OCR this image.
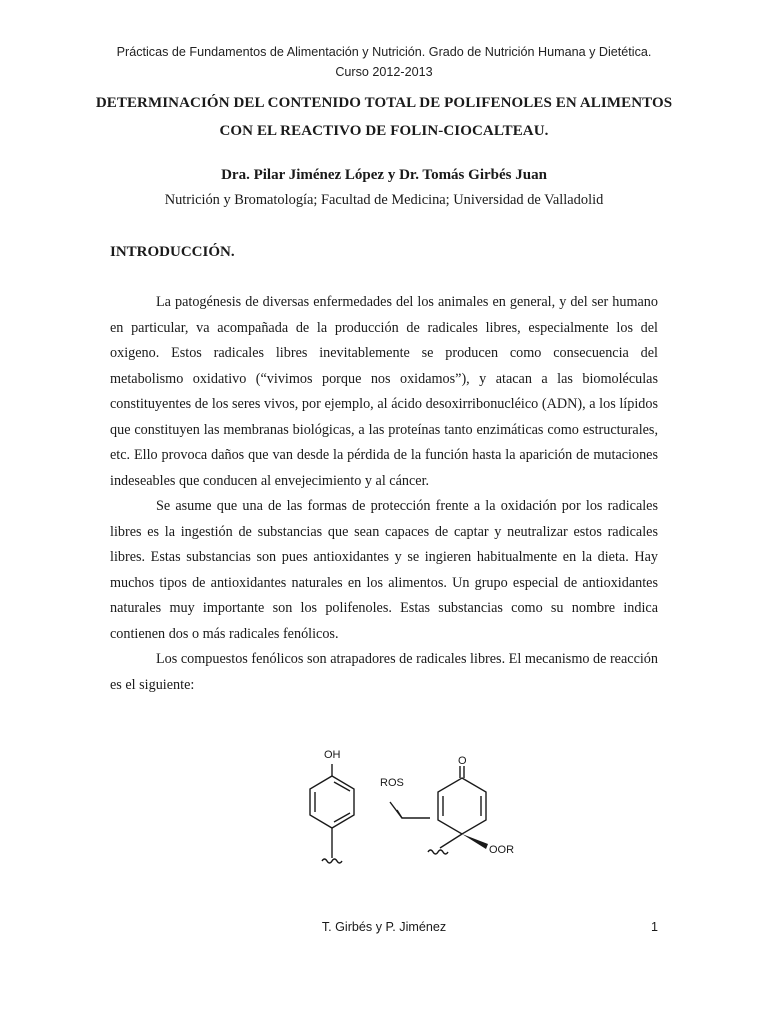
Prácticas de Fundamentos de Alimentación y Nutrición. Grado de Nutrición Humana y Dietética. Curso 2012-2013
DETERMINACIÓN DEL CONTENIDO TOTAL DE POLIFENOLES EN ALIMENTOS CON EL REACTIVO DE FOLIN-CIOCALTEAU.
Dra. Pilar Jiménez López y Dr. Tomás Girbés Juan
Nutrición y Bromatología; Facultad de Medicina; Universidad de Valladolid
INTRODUCCIÓN.

La patogénesis de diversas enfermedades del los animales en general, y del ser humano en particular, va acompañada de la producción de radicales libres, especialmente los del oxigeno. Estos radicales libres inevitablemente se producen como consecuencia del metabolismo oxidativo (“vivimos porque nos oxidamos”), y atacan a las biomoléculas constituyentes de los seres vivos, por ejemplo, al ácido desoxirribonucléico (ADN), a los lípidos que constituyen las membranas biológicas, a las proteínas tanto enzimáticas como estructurales, etc. Ello provoca daños que van desde la pérdida de la función hasta la aparición de mutaciones indeseables que conducen al envejecimiento y al cáncer.

Se asume que una de las formas de protección frente a la oxidación por los radicales libres es la ingestión de substancias que sean capaces de captar y neutralizar estos radicales libres. Estas substancias son pues antioxidantes y se ingieren habitualmente en la dieta. Hay muchos tipos de antioxidantes naturales en los alimentos. Un grupo especial de antioxidantes naturales muy importante son los polifenoles. Estas substancias como su nombre indica contienen dos o más radicales fenólicos.

Los compuestos fenólicos son atrapadores de radicales libres. El mecanismo de reacción es el siguiente:

OH
ROS
O
OOR
T. Girbés y P. Jiménez	1
